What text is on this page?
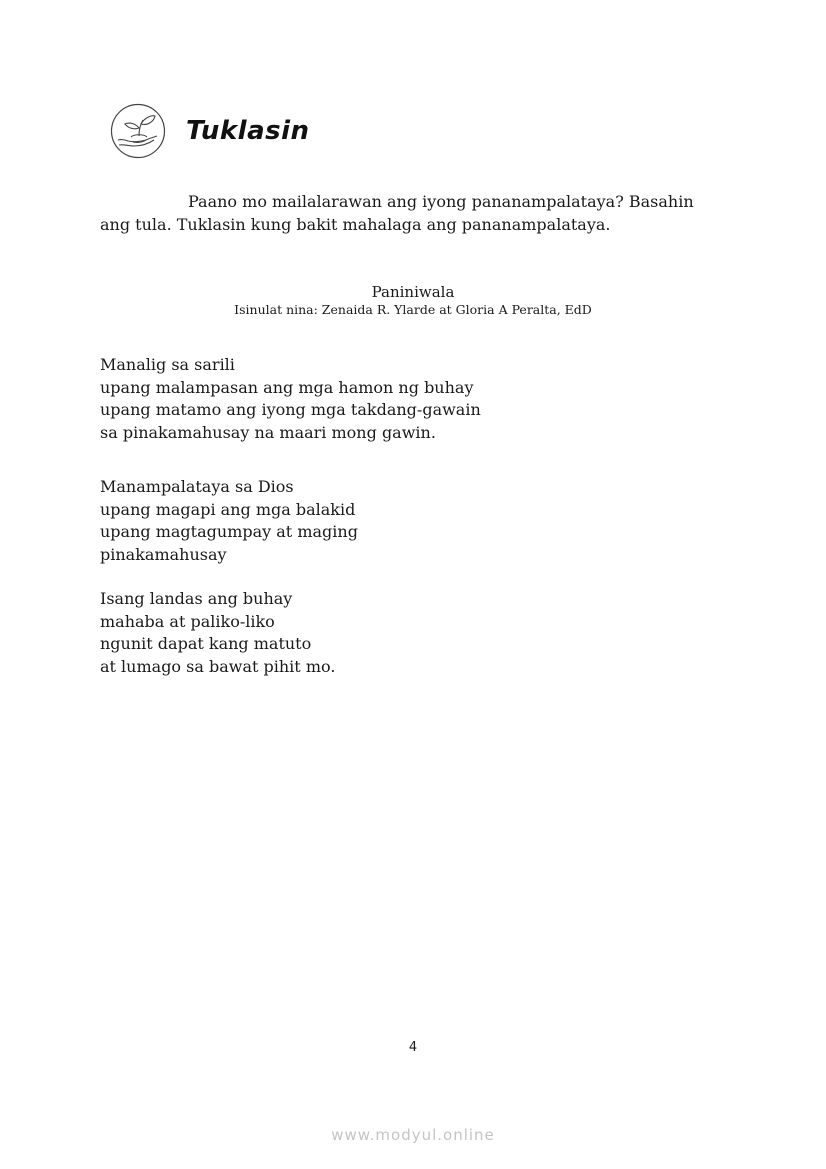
Tuklasin

Paano mo mailalarawan ang iyong pananampalataya? Basahin ang tula. Tuklasin kung bakit mahalaga ang pananampalataya.

Paniniwala

Isinulat nina: Zenaida R. Ylarde at Gloria A Peralta, EdD

Manalig sa sarili
upang malampasan ang mga hamon ng buhay
upang matamo ang iyong mga takdang-gawain
sa pinakamahusay na maari mong gawin.
Manampalataya sa Dios
upang magapi ang mga balakid
upang magtagumpay at maging
pinakamahusay
Isang landas ang buhay
mahaba at paliko-liko
ngunit dapat kang matuto
at lumago sa bawat pihit mo.

4

www.modyul.online
